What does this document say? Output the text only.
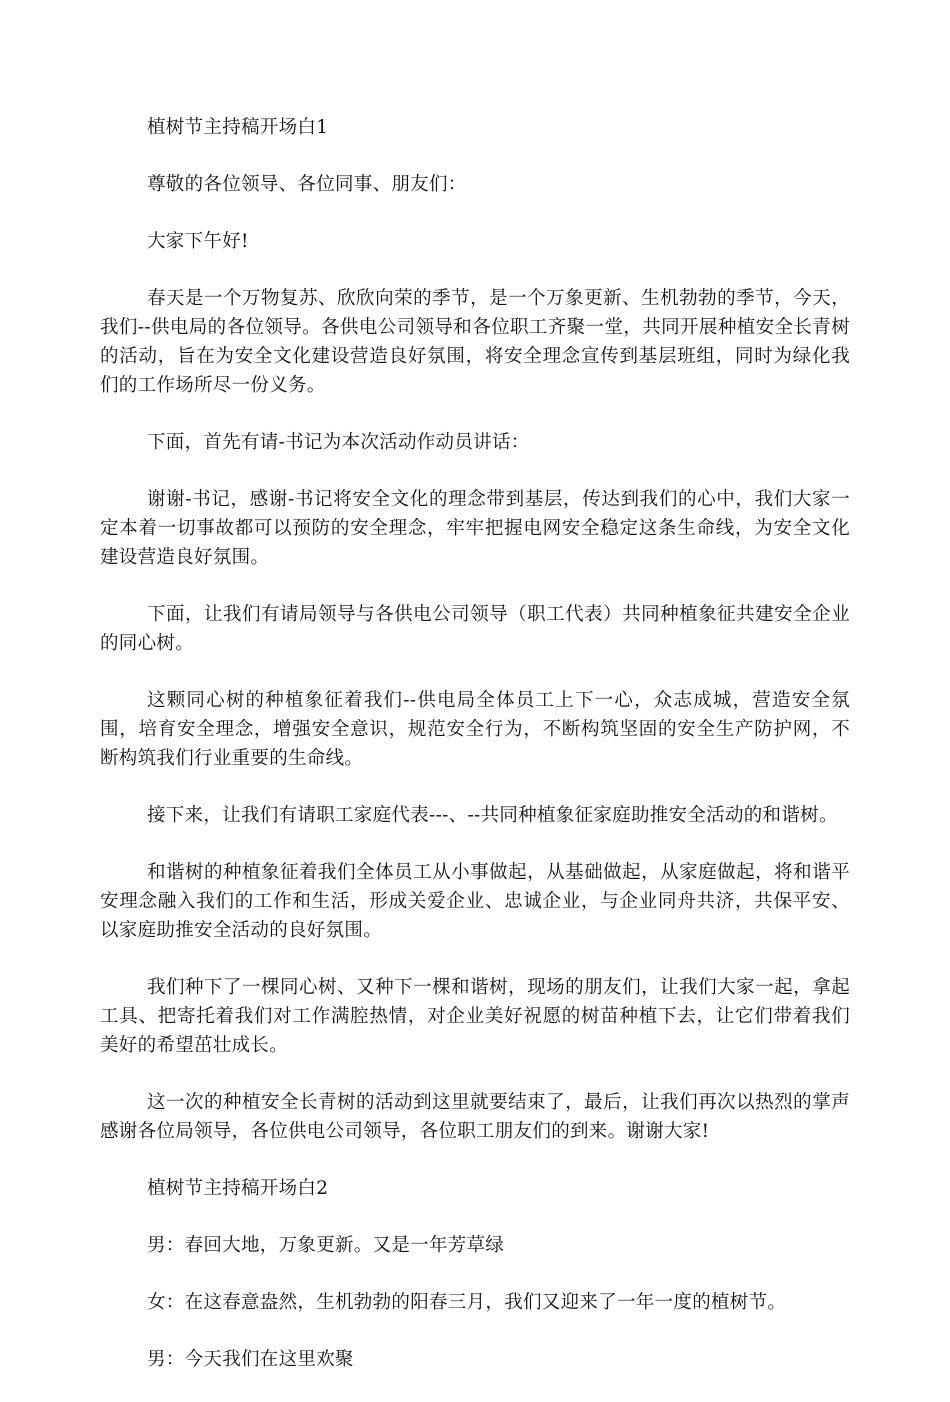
植树节主持稿开场白1

尊敬的各位领导、各位同事、朋友们：

大家下午好!

春天是一个万物复苏、欣欣向荣的季节，是一个万象更新、生机勃勃的季节，今天，我们--供电局的各位领导。各供电公司领导和各位职工齐聚一堂，共同开展种植安全长青树的活动，旨在为安全文化建设营造良好氛围，将安全理念宣传到基层班组，同时为绿化我们的工作场所尽一份义务。

下面，首先有请-书记为本次活动作动员讲话：

谢谢-书记，感谢-书记将安全文化的理念带到基层，传达到我们的心中，我们大家一定本着一切事故都可以预防的安全理念，牢牢把握电网安全稳定这条生命线，为安全文化建设营造良好氛围。

下面，让我们有请局领导与各供电公司领导（职工代表）共同种植象征共建安全企业的同心树。

这颗同心树的种植象征着我们--供电局全体员工上下一心，众志成城，营造安全氛围，培育安全理念，增强安全意识，规范安全行为，不断构筑坚固的安全生产防护网，不断构筑我们行业重要的生命线。

接下来，让我们有请职工家庭代表---、--共同种植象征家庭助推安全活动的和谐树。

和谐树的种植象征着我们全体员工从小事做起，从基础做起，从家庭做起，将和谐平安理念融入我们的工作和生活，形成关爱企业、忠诚企业，与企业同舟共济，共保平安、以家庭助推安全活动的良好氛围。

我们种下了一棵同心树、又种下一棵和谐树，现场的朋友们，让我们大家一起，拿起工具、把寄托着我们对工作满腔热情，对企业美好祝愿的树苗种植下去，让它们带着我们美好的希望茁壮成长。

这一次的种植安全长青树的活动到这里就要结束了，最后，让我们再次以热烈的掌声感谢各位局领导，各位供电公司领导，各位职工朋友们的到来。谢谢大家!

植树节主持稿开场白2

男：春回大地，万象更新。又是一年芳草绿

女：在这春意盎然，生机勃勃的阳春三月，我们又迎来了一年一度的植树节。

男：今天我们在这里欢聚
